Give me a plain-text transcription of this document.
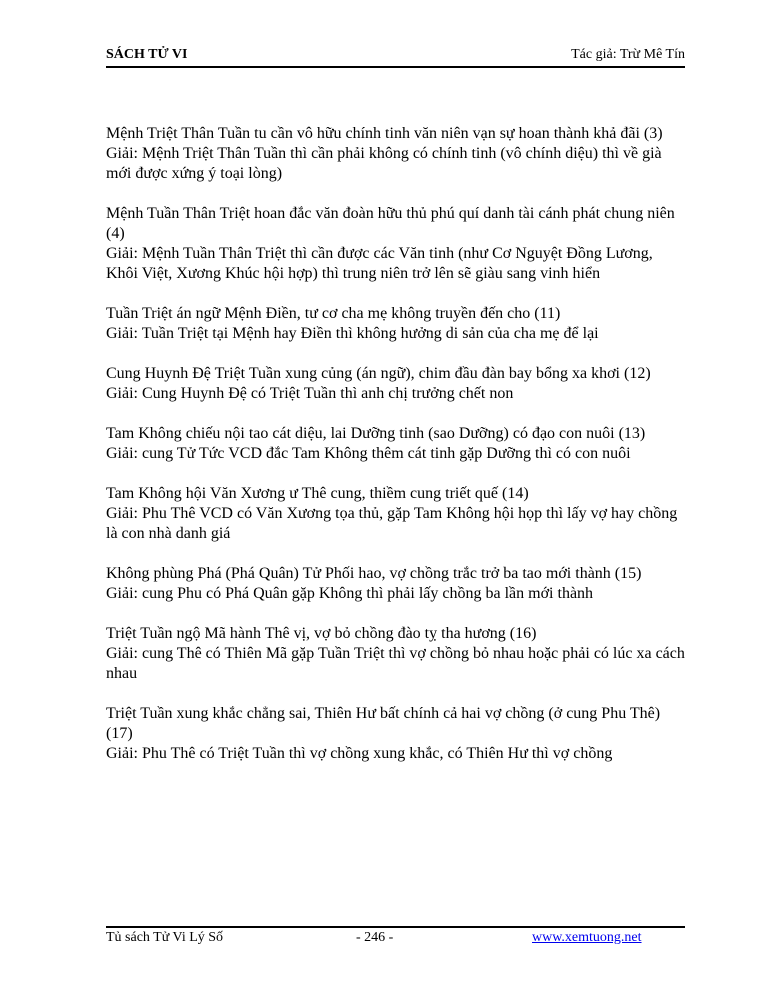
SÁCH TỬ VI	Tác giả: Trừ Mê Tín

Mệnh Triệt Thân Tuần tu cần vô hữu chính tinh văn niên vạn sự hoan thành khả đãi (3)

Giải: Mệnh Triệt Thân Tuần thì cần phải không có chính tinh (vô chính diệu) thì về già mới được xứng ý toại lòng)

Mệnh Tuần Thân Triệt hoan đắc văn đoàn hữu thủ phú quí danh tài cánh phát chung niên (4)

Giải: Mệnh Tuần Thân Triệt thì cần được các Văn tinh (như Cơ Nguyệt Đồng Lương, Khôi Việt, Xương Khúc hội hợp) thì trung niên trở lên sẽ giàu sang vinh hiển

Tuần Triệt án ngữ Mệnh Điền, tư cơ cha mẹ không truyền đến cho (11)

Giải: Tuần Triệt tại Mệnh hay Điền thì không hưởng di sản của cha mẹ để lại

Cung Huynh Đệ Triệt Tuần xung củng (án ngữ), chim đầu đàn bay bổng xa khơi (12)

Giải: Cung Huynh Đệ có Triệt Tuần thì anh chị trưởng chết non

Tam Không chiếu nội tao cát diệu, lai Dưỡng tinh (sao Dưỡng) có đạo con nuôi (13)

Giải: cung Tử Tức VCD đắc Tam Không thêm cát tinh gặp Dưỡng thì có con nuôi

Tam Không hội Văn Xương ư Thê cung, thiềm cung triết quế (14)

Giải: Phu Thê VCD có Văn Xương tọa thủ, gặp Tam Không hội họp thì lấy vợ hay chồng là con nhà danh giá

Không phùng Phá (Phá Quân) Tử Phối hao, vợ chồng trắc trở ba tao mới thành (15)

Giải: cung Phu có Phá Quân gặp Không thì phải lấy chồng ba lần mới thành

Triệt Tuần ngộ Mã hành Thê vị, vợ bỏ chồng đào tỵ tha hương (16)

Giải: cung Thê có Thiên Mã gặp Tuần Triệt thì vợ chồng bỏ nhau hoặc phải có lúc xa cách nhau

Triệt Tuần xung khắc chẳng sai, Thiên Hư bất chính cả hai vợ chồng (ở cung Phu Thê) (17)

Giải: Phu Thê có Triệt Tuần thì vợ chồng xung khắc, có Thiên Hư thì vợ chồng

Tủ sách Tử Vi Lý Số	- 246 -	www.xemtuong.net
